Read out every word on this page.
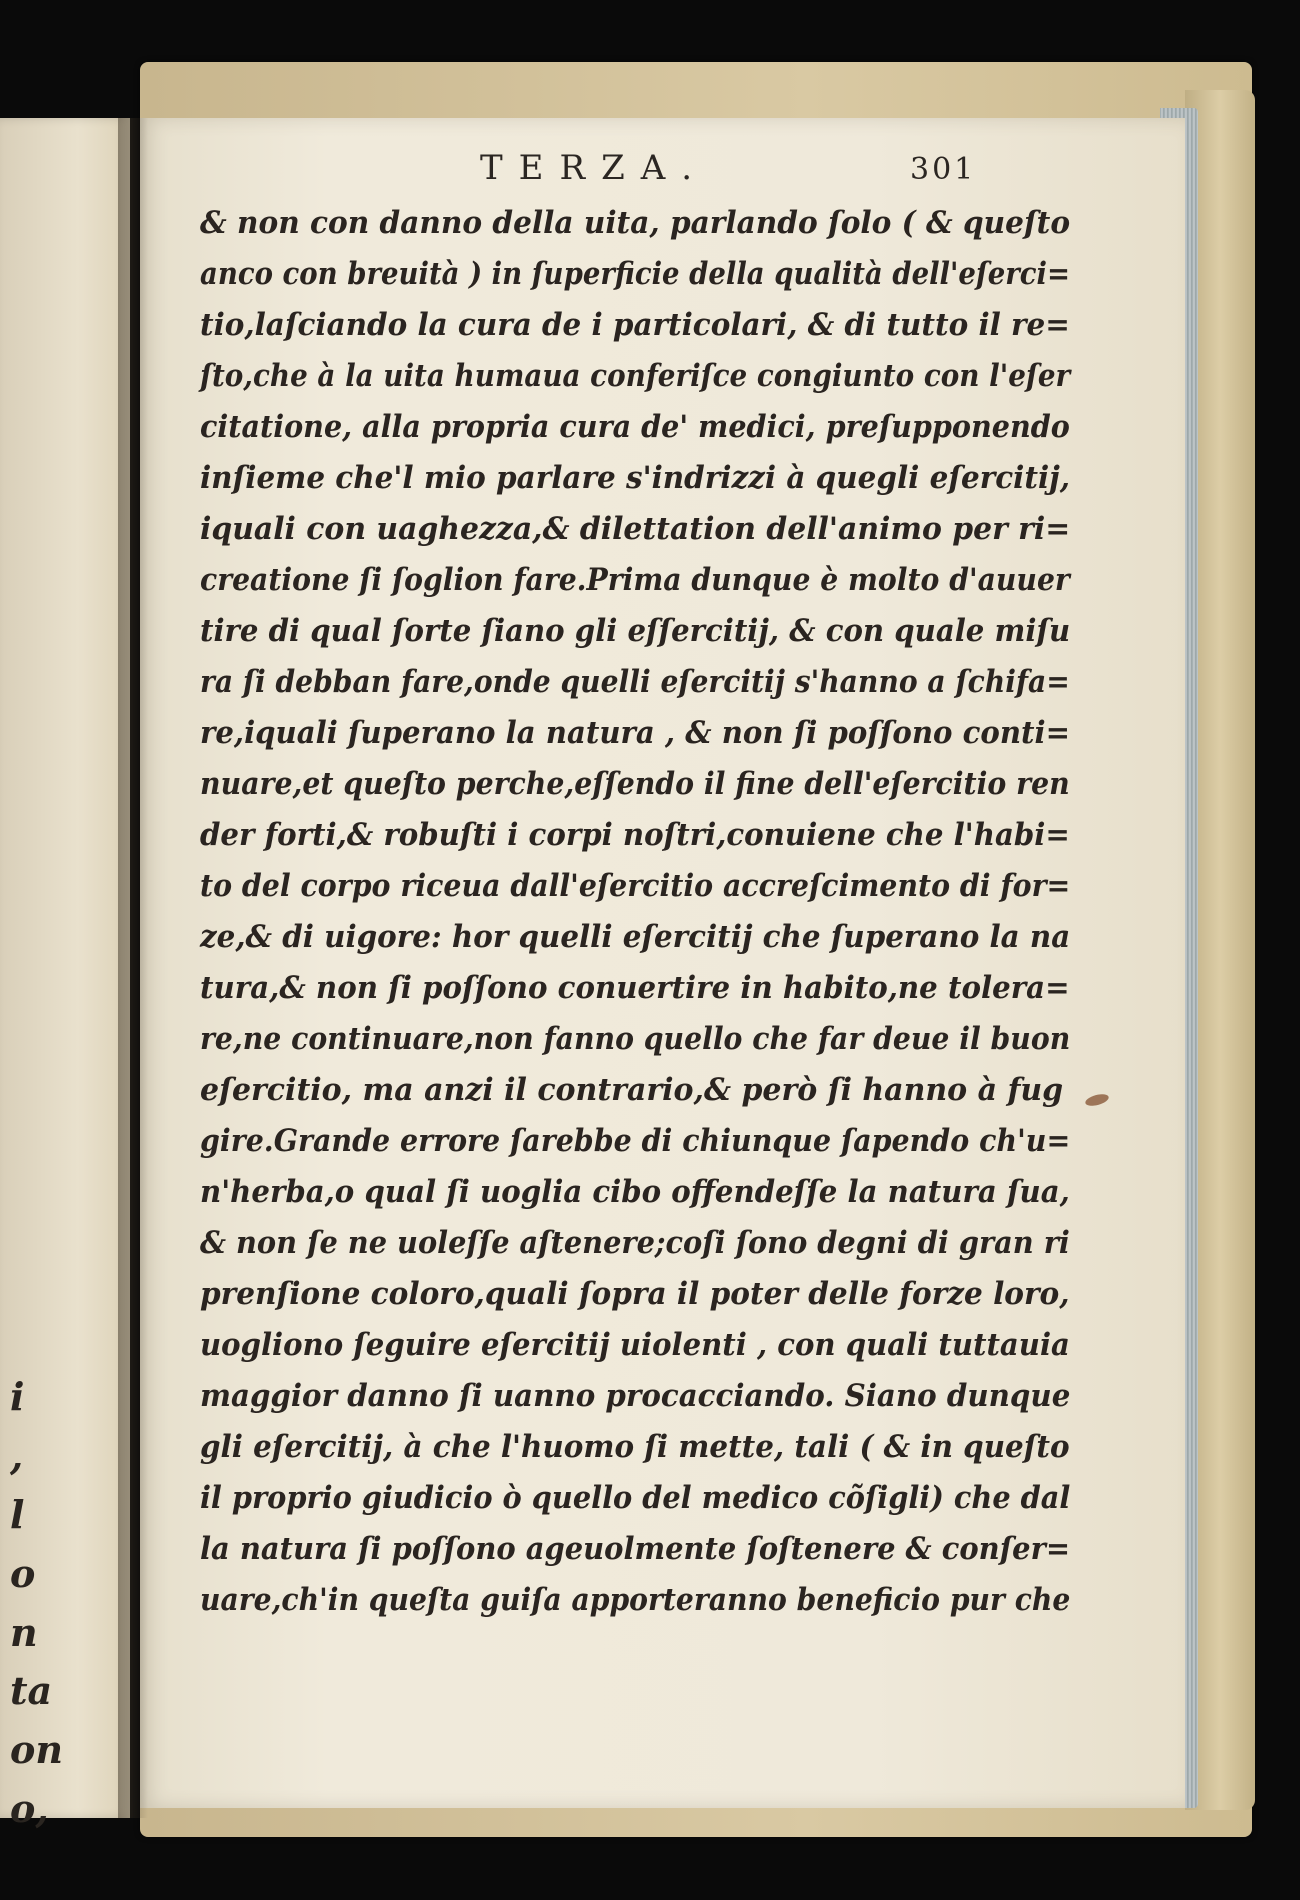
i
,
l
o
n
ta
on
o,
TERZA.	301
& non con danno della uita, parlando ſolo ( & queſto
anco con breuità ) in ſuperficie della qualità dell'eſerci=
tio,laſciando la cura de i particolari, & di tutto il re=
ſto,che à la uita humaua conferiſce congiunto con l'eſer
citatione, alla propria cura de' medici, preſupponendo
inſieme che'l mio parlare s'indrizzi à quegli eſercitij,
iquali con uaghezza,& dilettation dell'animo per ri=
creatione ſi ſoglion fare.Prima dunque è molto d'auuer
tire di qual ſorte ſiano gli eſſercitij, & con quale miſu
ra ſi debban fare,onde quelli eſercitij s'hanno a ſchifa=
re,iquali ſuperano la natura , & non ſi poſſono conti=
nuare,et queſto perche,eſſendo il fine dell'eſercitio ren
der forti,& robuſti i corpi noſtri,conuiene che l'habi=
to del corpo riceua dall'eſercitio accreſcimento di for=
ze,& di uigore: hor quelli eſercitij che ſuperano la na
tura,& non ſi poſſono conuertire in habito,ne tolera=
re,ne continuare,non fanno quello che far deue il buon
eſercitio, ma anzi il contrario,& però ſi hanno à fug
gire.Grande errore ſarebbe di chiunque ſapendo ch'u=
n'herba,o qual ſi uoglia cibo offendeſſe la natura ſua,
& non ſe ne uoleſſe aſtenere;coſi ſono degni di gran ri
prenſione coloro,quali ſopra il poter delle forze loro,
uogliono ſeguire eſercitij uiolenti , con quali tuttauia
maggior danno ſi uanno procacciando. Siano dunque
gli eſercitij, à che l'huomo ſi mette, tali ( & in queſto
il proprio giudicio ò quello del medico cõſigli) che dal
la natura ſi poſſono ageuolmente ſoſtenere & conſer=
uare,ch'in queſta guiſa apporteranno beneficio pur che
